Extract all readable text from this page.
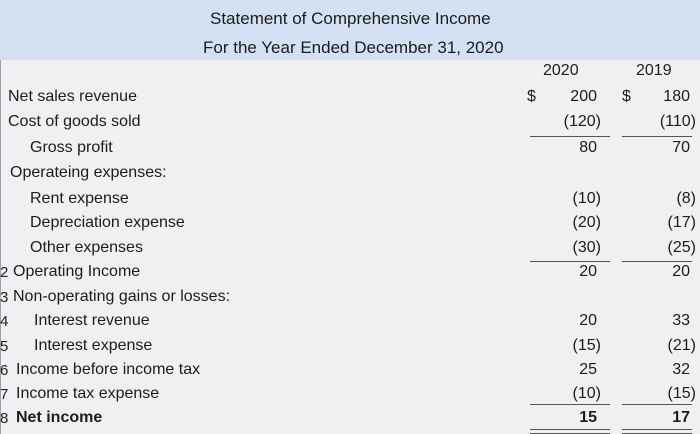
Statement of Comprehensive Income
For the Year Ended December 31, 2020
2020	2019
Net sales revenue	200	180
Cost of goods sold	(120)	(110)
Gross profit	80	70
Operateing expenses:
Rent expense	(10)	(8)
Depreciation expense	(20)	(17)
Other expenses	(30)	(25)
2 Operating Income	20	20
3 Non-operating gains or losses:
4 Interest revenue	20	33
5 Interest expense	(15)	(21)
6 Income before income tax	25	32
7 Income tax expense	(10)	(15)
8 Net income	15	17
$	$
